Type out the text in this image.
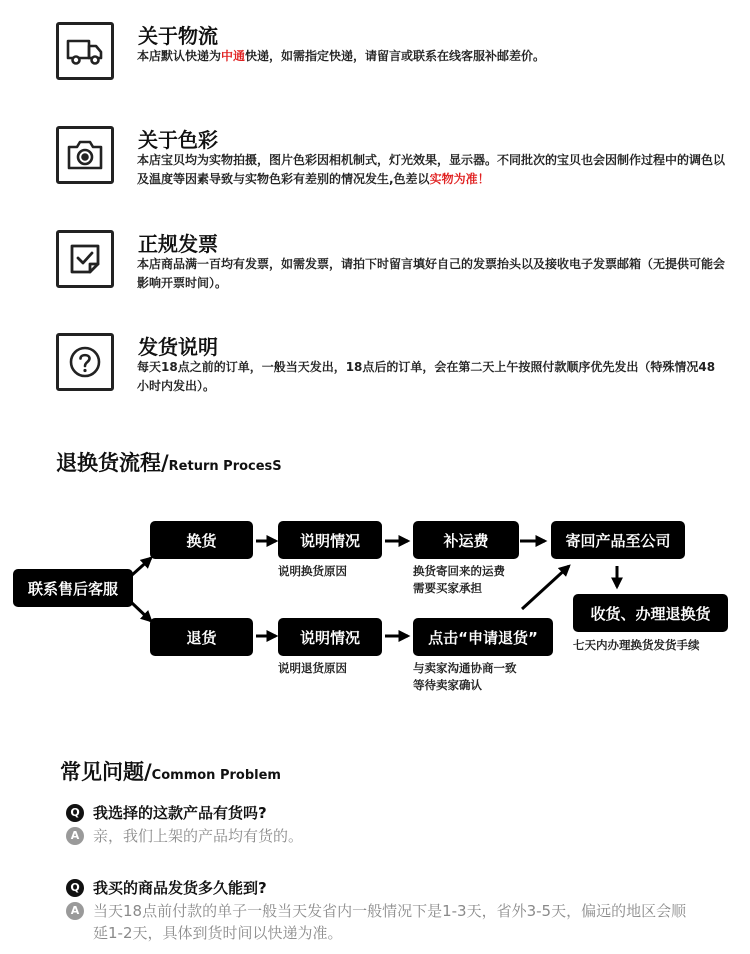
关于物流
本店默认快递为中通快递，如需指定快递，请留言或联系在线客服补邮差价。
关于色彩
本店宝贝均为实物拍摄，图片色彩因相机制式，灯光效果，显示器。不同批次的宝贝也会因制作过程中的调色以及温度等因素导致与实物色彩有差别的情况发生,色差以实物为准！
正规发票
本店商品满一百均有发票，如需发票，请拍下时留言填好自己的发票抬头以及接收电子发票邮箱（无提供可能会影响开票时间）。
发货说明
每天18点之前的订单，一般当天发出，18点后的订单，会在第二天上午按照付款顺序优先发出（特殊情况48小时内发出）。
退换货流程/Return ProcesS
联系售后客服
换货	说明情况	补运费	寄回产品至公司
退货	说明情况	点击“申请退货”
收货、办理退换货
说明换货原因	换货寄回来的运费
需要买家承担
说明退货原因	与卖家沟通协商一致
等待卖家确认
七天内办理换货发货手续
常见问题/Common Problem
Q 我选择的这款产品有货吗?
A 亲，我们上架的产品均有货的。
Q 我买的商品发货多久能到?
A 当天18点前付款的单子一般当天发省内一般情况下是1-3天，省外3-5天，偏远的地区会顺延1-2天，具体到货时间以快递为准。
